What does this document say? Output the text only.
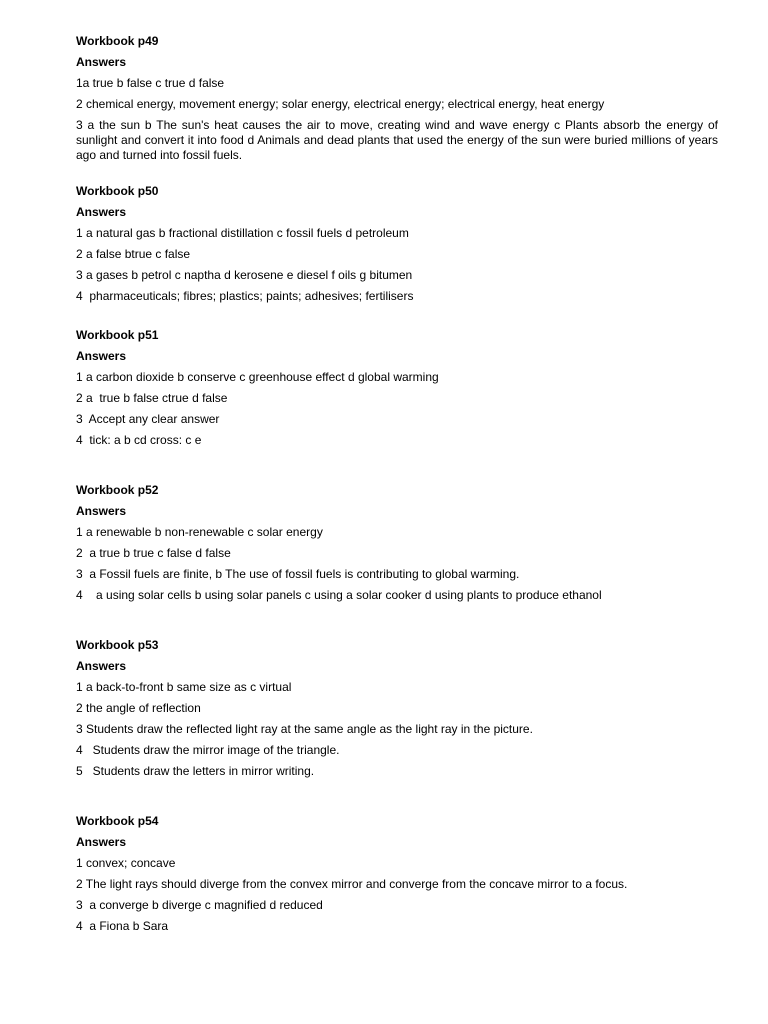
Workbook p49
Answers
1a true b false c true d false
2 chemical energy, movement energy; solar energy, electrical energy; electrical energy, heat energy
3 a the sun b The sun's heat causes the air to move, creating wind and wave energy c Plants absorb the energy of sunlight and convert it into food d Animals and dead plants that used the energy of the sun were buried millions of years ago and turned into fossil fuels.
Workbook p50
Answers
1 a natural gas b fractional distillation c fossil fuels d petroleum
2 a false btrue c false
3 a gases b petrol c naptha d kerosene e diesel f oils g bitumen
4  pharmaceuticals; fibres; plastics; paints; adhesives; fertilisers
Workbook p51
Answers
1 a carbon dioxide b conserve c greenhouse effect d global warming
2 a  true b false ctrue d false
3  Accept any clear answer
4  tick: a b cd cross: c e
Workbook p52
Answers
1 a renewable b non-renewable c solar energy
2  a true b true c false d false
3  a Fossil fuels are finite, b The use of fossil fuels is contributing to global warming.
4    a using solar cells b using solar panels c using a solar cooker d using plants to produce ethanol
Workbook p53
Answers
1 a back-to-front b same size as c virtual
2 the angle of reflection
3 Students draw the reflected light ray at the same angle as the light ray in the picture.
4   Students draw the mirror image of the triangle.
5   Students draw the letters in mirror writing.
Workbook p54
Answers
1 convex; concave
2 The light rays should diverge from the convex mirror and converge from the concave mirror to a focus.
3  a converge b diverge c magnified d reduced
4  a Fiona b Sara
